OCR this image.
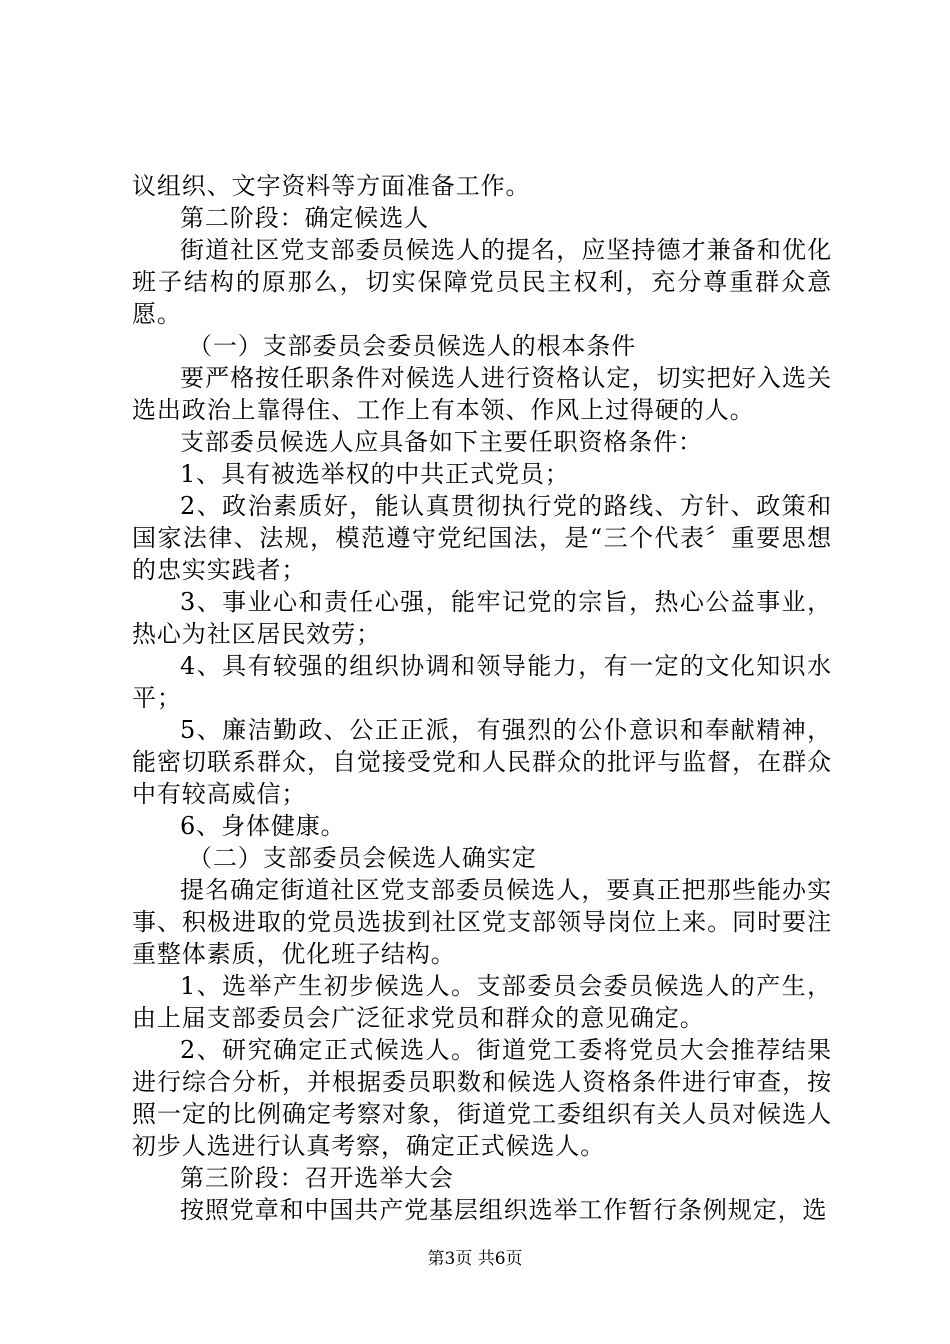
议组织、文字资料等方面准备工作。

第二阶段：确定候选人

街道社区党支部委员候选人的提名，应坚持德才兼备和优化班子结构的原那么，切实保障党员民主权利，充分尊重群众意愿。

（一）支部委员会委员候选人的根本条件

要严格按任职条件对候选人进行资格认定，切实把好入选关选出政治上靠得住、工作上有本领、作风上过得硬的人。

支部委员候选人应具备如下主要任职资格条件：

1、具有被选举权的中共正式党员；

2、政治素质好，能认真贯彻执行党的路线、方针、政策和国家法律、法规，模范遵守党纪国法，是“三个代表〞重要思想的忠实实践者；

3、事业心和责任心强，能牢记党的宗旨，热心公益事业，热心为社区居民效劳；

4、具有较强的组织协调和领导能力，有一定的文化知识水平；

5、廉洁勤政、公正正派，有强烈的公仆意识和奉献精神，能密切联系群众，自觉接受党和人民群众的批评与监督，在群众中有较高威信；

6、身体健康。

（二）支部委员会候选人确实定

提名确定街道社区党支部委员候选人，要真正把那些能办实事、积极进取的党员选拔到社区党支部领导岗位上来。同时要注重整体素质，优化班子结构。

1、选举产生初步候选人。支部委员会委员候选人的产生，由上届支部委员会广泛征求党员和群众的意见确定。

2、研究确定正式候选人。街道党工委将党员大会推荐结果进行综合分析，并根据委员职数和候选人资格条件进行审查，按照一定的比例确定考察对象，街道党工委组织有关人员对候选人初步人选进行认真考察，确定正式候选人。

第三阶段：召开选举大会

按照党章和中国共产党基层组织选举工作暂行条例规定，选

第3页 共6页
